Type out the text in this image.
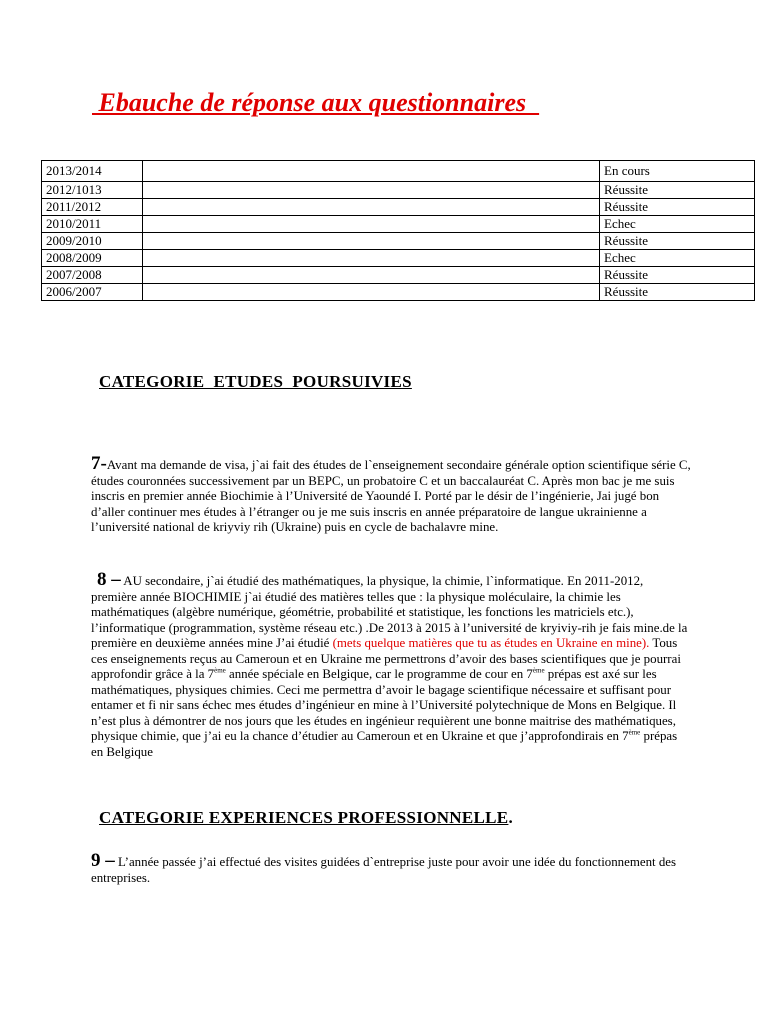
Ebauche de réponse aux questionnaires
2013/2014		En cours
2012/1013		Réussite
2011/2012		Réussite
2010/2011		Echec
2009/2010		Réussite
2008/2009		Echec
2007/2008		Réussite
2006/2007		Réussite
CATEGORIE  ETUDES  POURSUIVIES

7-Avant ma demande de visa, j`ai fait des études de l`enseignement secondaire générale option scientifique série C, études couronnées successivement par un BEPC, un probatoire C et un baccalauréat C. Après mon bac je me suis inscris en premier année Biochimie à l’Université de Yaoundé I. Porté par le désir de l’ingénierie, Jai jugé bon d’aller continuer mes études à l’étranger ou je me suis inscris en année préparatoire de langue ukrainienne a l’université national de kriyviy rih (Ukraine) puis en cycle de bachalavre mine.

8 – AU secondaire, j`ai étudié des mathématiques, la physique, la chimie, l`informatique. En 2011-2012, première année BIOCHIMIE j`ai étudié des matières telles que : la physique moléculaire, la chimie les mathématiques (algèbre numérique, géométrie, probabilité et statistique, les fonctions les matriciels etc.), l’informatique (programmation, système réseau etc.) .De 2013 à 2015 à l’université de kryiviy-rih je fais mine.de la première en deuxième années mine J’ai étudié (mets quelque matières que tu as études en Ukraine en mine). Tous ces enseignements reçus au Cameroun et en Ukraine me permettrons d’avoir des bases scientifiques que je pourrai approfondir grâce à la 7ème année spéciale en Belgique, car le programme de cour en 7ème prépas est axé sur les mathématiques, physiques chimies. Ceci me permettra d’avoir le bagage scientifique nécessaire et suffisant pour entamer et fi nir sans échec mes études d’ingénieur en mine à l’Université polytechnique de Mons en Belgique. Il n’est plus à démontrer de nos jours que les études en ingénieur requièrent une bonne maitrise des mathématiques, physique chimie, que j’ai eu la chance d’étudier au Cameroun et en Ukraine et que j’approfondirais en 7ème prépas en Belgique

CATEGORIE EXPERIENCES PROFESSIONNELLE.

9 – L’année passée j’ai effectué des visites guidées d`entreprise juste pour avoir une idée du fonctionnement des entreprises.
